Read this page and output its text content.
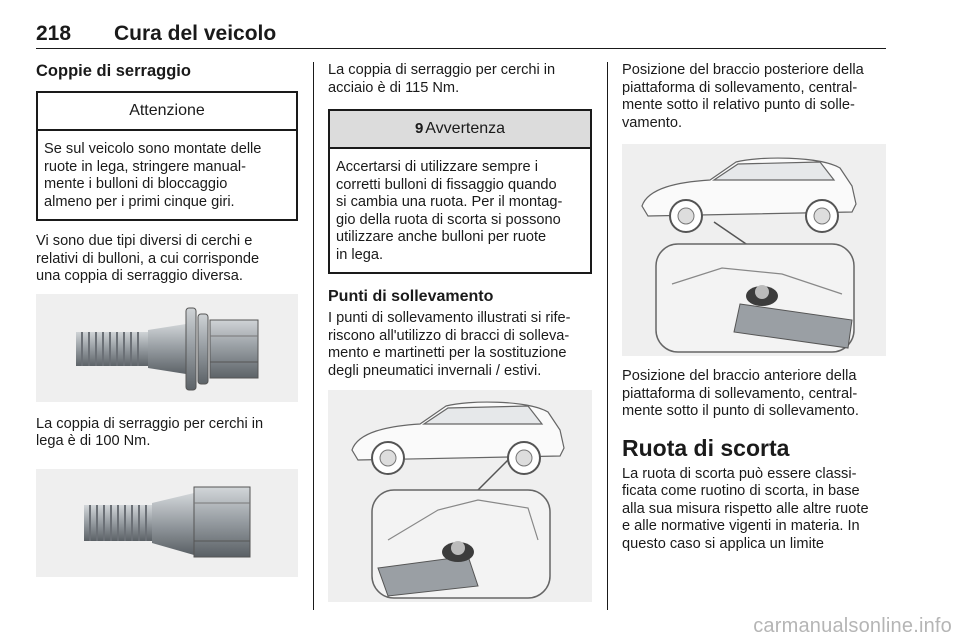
218 Cura del veicolo
Coppie di serraggio
Attenzione
Se sul veicolo sono montate delle
ruote in lega, stringere manual-
mente i bulloni di bloccaggio
almeno per i primi cinque giri.
Vi sono due tipi diversi di cerchi e
relativi di bulloni, a cui corrisponde
una coppia di serraggio diversa.
La coppia di serraggio per cerchi in
lega è di 100 Nm.
La coppia di serraggio per cerchi in
acciaio è di 115 Nm.
9 Avvertenza
Accertarsi di utilizzare sempre i
corretti bulloni di fissaggio quando
si cambia una ruota. Per il montag-
gio della ruota di scorta si possono
utilizzare anche bulloni per ruote
in lega.
Punti di sollevamento
I punti di sollevamento illustrati si rife-
riscono all'utilizzo di bracci di solleva-
mento e martinetti per la sostituzione
degli pneumatici invernali / estivi.
Posizione del braccio posteriore della
piattaforma di sollevamento, central-
mente sotto il relativo punto di solle-
vamento.
Posizione del braccio anteriore della
piattaforma di sollevamento, central-
mente sotto il punto di sollevamento.
Ruota di scorta
La ruota di scorta può essere classi-
ficata come ruotino di scorta, in base
alla sua misura rispetto alle altre ruote
e alle normative vigenti in materia. In
questo caso si applica un limite
carmanualsonline.info
